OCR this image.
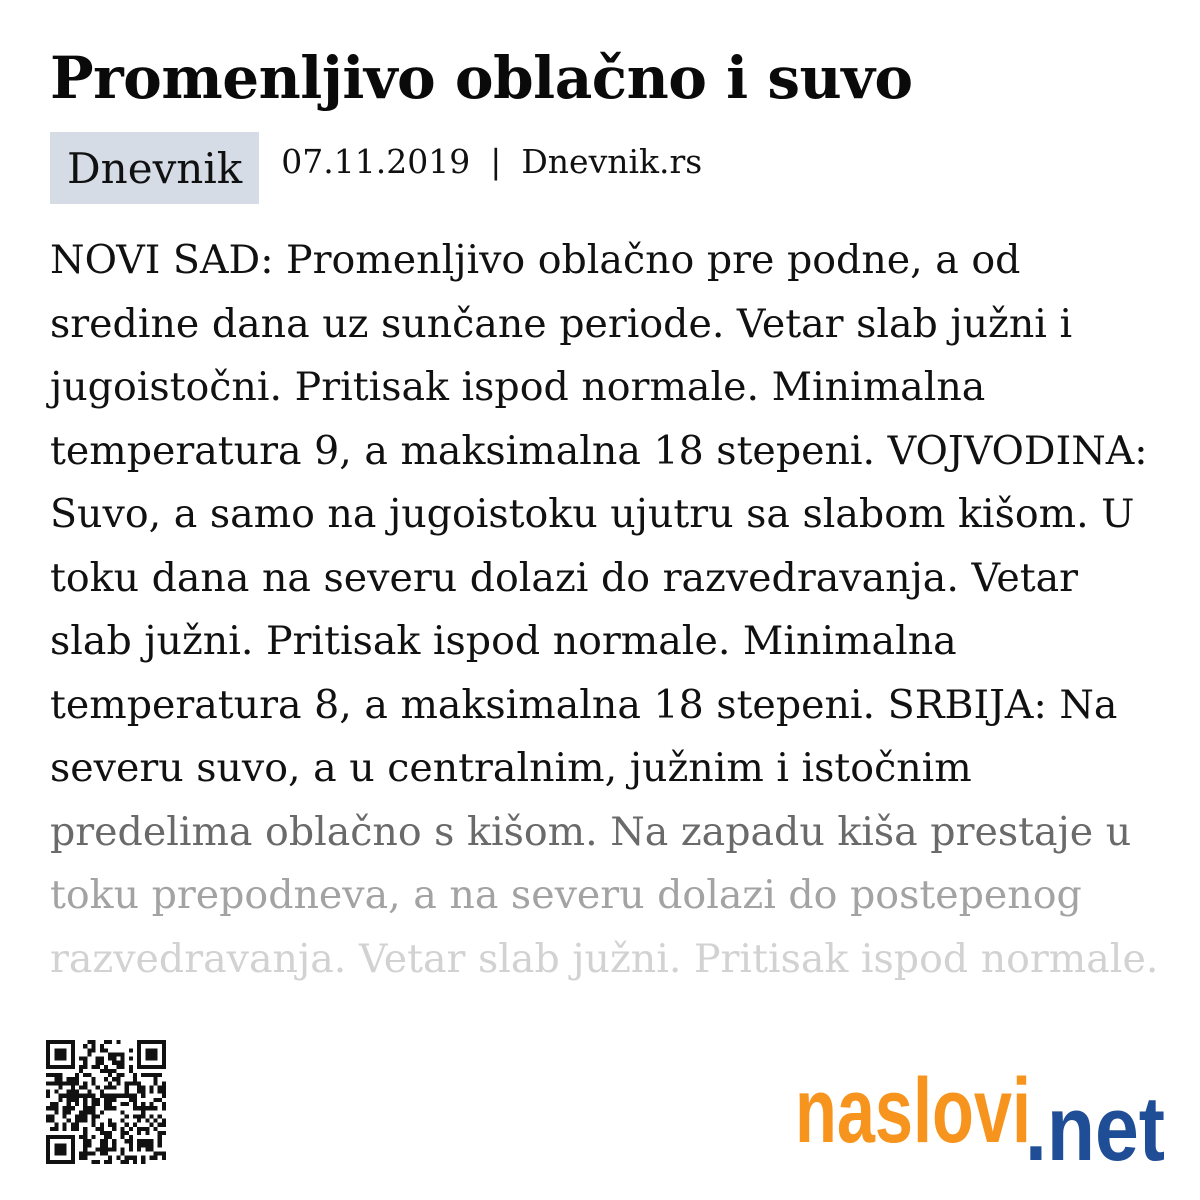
Promenljivo oblačno i suvo
Dnevnik 07.11.2019 | Dnevnik.rs
NOVI SAD: Promenljivo oblačno pre podne, a od
sredine dana uz sunčane periode. Vetar slab južni i
jugoistočni. Pritisak ispod normale. Minimalna
temperatura 9, a maksimalna 18 stepeni. VOJVODINA:
Suvo, a samo na jugoistoku ujutru sa slabom kišom. U
toku dana na severu dolazi do razvedravanja. Vetar
slab južni. Pritisak ispod normale. Minimalna
temperatura 8, a maksimalna 18 stepeni. SRBIJA: Na
severu suvo, a u centralnim, južnim i istočnim
predelima oblačno s kišom. Na zapadu kiša prestaje u
toku prepodneva, a na severu dolazi do postepenog
razvedravanja. Vetar slab južni. Pritisak ispod normale.
naslovi
.net
